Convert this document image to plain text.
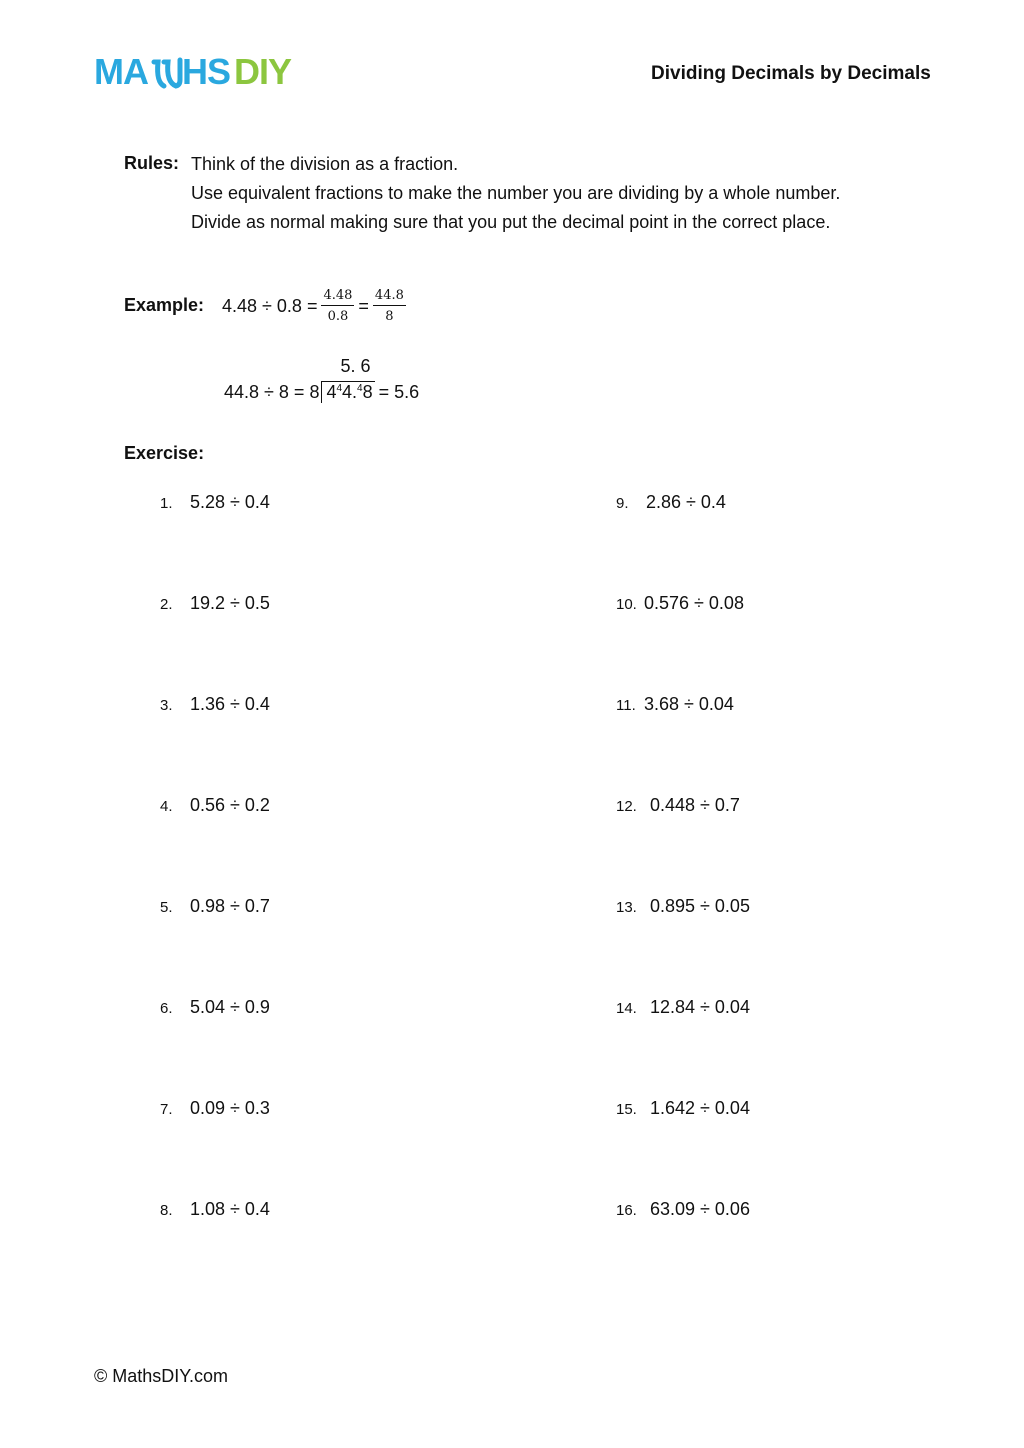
MA HS DIY	Dividing Decimals by Decimals
Rules: Think of the division as a fraction.
Use equivalent fractions to make the number you are dividing by a whole number.
Divide as normal making sure that you put the decimal point in the correct place.
Example: $4.48 \div 0.8 = \frac{4.48}{0.8} = \frac{44.8}{8}$
44.8 ÷ 8 = 8
5. 6
$4^44.^48 = 5.6$
Exercise:
1. 5.28 ÷ 0.4
2. 19.2 ÷ 0.5
3. 1.36 ÷ 0.4
4. 0.56 ÷ 0.2
5. 0.98 ÷ 0.7
6. 5.04 ÷ 0.9
7. 0.09 ÷ 0.3
8. 1.08 ÷ 0.4
9. 2.86 ÷ 0.4
10. 0.576 ÷ 0.08
11. 3.68 ÷ 0.04
12. 0.448 ÷ 0.7
13. 0.895 ÷ 0.05
14. 12.84 ÷ 0.04
15. 1.642 ÷ 0.04
16. 63.09 ÷ 0.06
© MathsDIY.com
